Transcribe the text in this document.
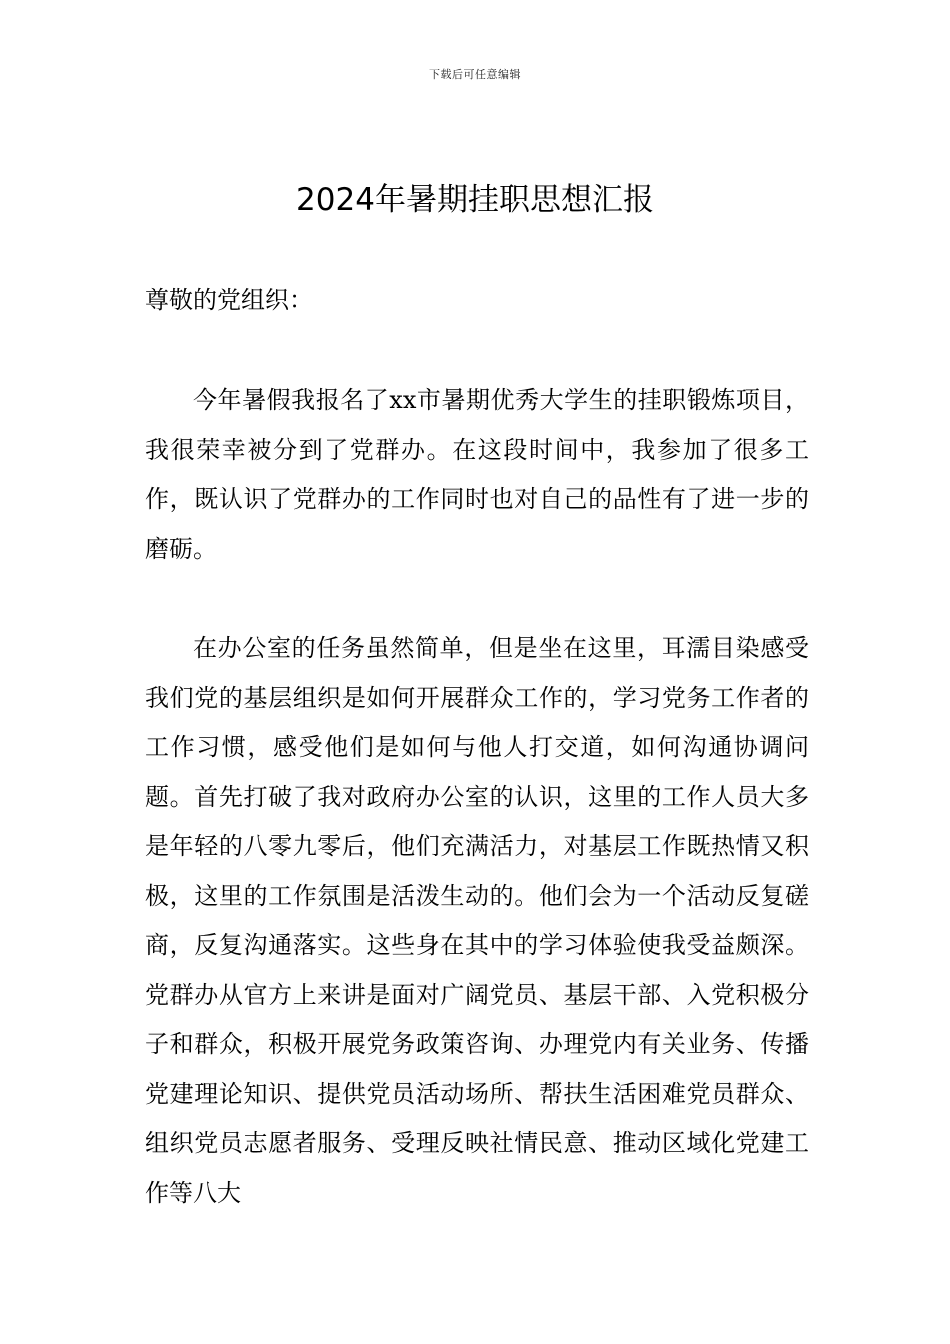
下载后可任意编辑
2024年暑期挂职思想汇报

尊敬的党组织：

今年暑假我报名了xx市暑期优秀大学生的挂职锻炼项目，我很荣幸被分到了党群办。在这段时间中，我参加了很多工作，既认识了党群办的工作同时也对自己的品性有了进一步的磨砺。

在办公室的任务虽然简单，但是坐在这里，耳濡目染感受我们党的基层组织是如何开展群众工作的，学习党务工作者的工作习惯，感受他们是如何与他人打交道，如何沟通协调问题。首先打破了我对政府办公室的认识，这里的工作人员大多是年轻的八零九零后，他们充满活力，对基层工作既热情又积极，这里的工作氛围是活泼生动的。他们会为一个活动反复磋商，反复沟通落实。这些身在其中的学习体验使我受益颇深。党群办从官方上来讲是面对广阔党员、基层干部、入党积极分子和群众，积极开展党务政策咨询、办理党内有关业务、传播党建理论知识、提供党员活动场所、帮扶生活困难党员群众、组织党员志愿者服务、受理反映社情民意、推动区域化党建工作等八大
